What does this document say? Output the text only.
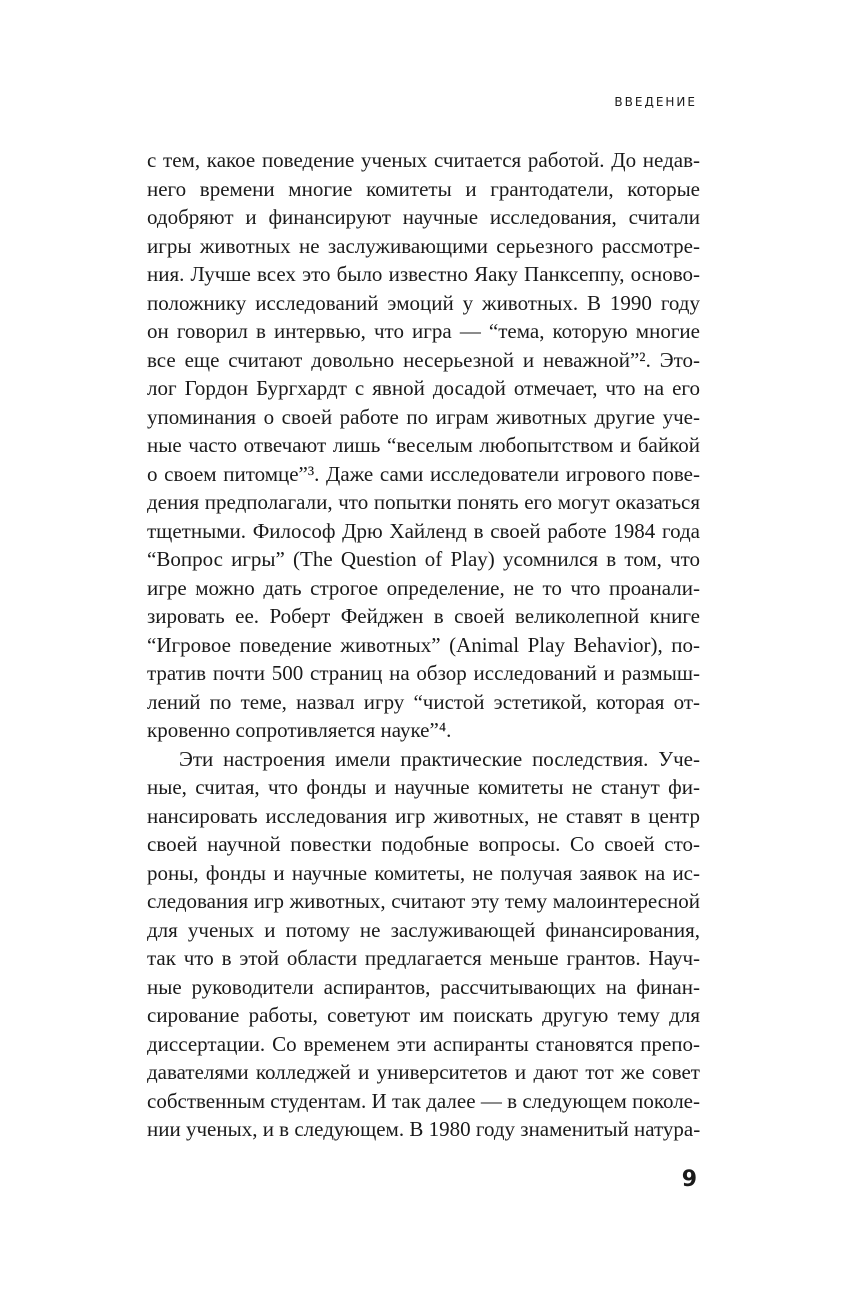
ВВЕДЕНИЕ
с тем, какое поведение ученых считается работой. До недав-
него времени многие комитеты и грантодатели, которые
одобряют и финансируют научные исследования, считали
игры животных не заслуживающими серьезного рассмотре-
ния. Лучше всех это было известно Яаку Панксеппу, осново-
положнику исследований эмоций у животных. В 1990 году
он говорил в интервью, что игра — “тема, которую многие
все еще считают довольно несерьезной и неважной”². Это-
лог Гордон Бургхардт с явной досадой отмечает, что на его
упоминания о своей работе по играм животных другие уче-
ные часто отвечают лишь “веселым любопытством и байкой
о своем питомце”³. Даже сами исследователи игрового пове-
дения предполагали, что попытки понять его могут оказаться
тщетными. Философ Дрю Хайленд в своей работе 1984 года
“Вопрос игры” (The Question of Play) усомнился в том, что
игре можно дать строгое определение, не то что проанали-
зировать ее. Роберт Фейджен в своей великолепной книге
“Игровое поведение животных” (Animal Play Behavior), по-
тратив почти 500 страниц на обзор исследований и размыш-
лений по теме, назвал игру “чистой эстетикой, которая от-
кровенно сопротивляется науке”⁴.
Эти настроения имели практические последствия. Уче-
ные, считая, что фонды и научные комитеты не станут фи-
нансировать исследования игр животных, не ставят в центр
своей научной повестки подобные вопросы. Со своей сто-
роны, фонды и научные комитеты, не получая заявок на ис-
следования игр животных, считают эту тему малоинтересной
для ученых и потому не заслуживающей финансирования,
так что в этой области предлагается меньше грантов. Науч-
ные руководители аспирантов, рассчитывающих на финан-
сирование работы, советуют им поискать другую тему для
диссертации. Со временем эти аспиранты становятся препо-
давателями колледжей и университетов и дают тот же совет
собственным студентам. И так далее — в следующем поколе-
нии ученых, и в следующем. В 1980 году знаменитый натура-
9
